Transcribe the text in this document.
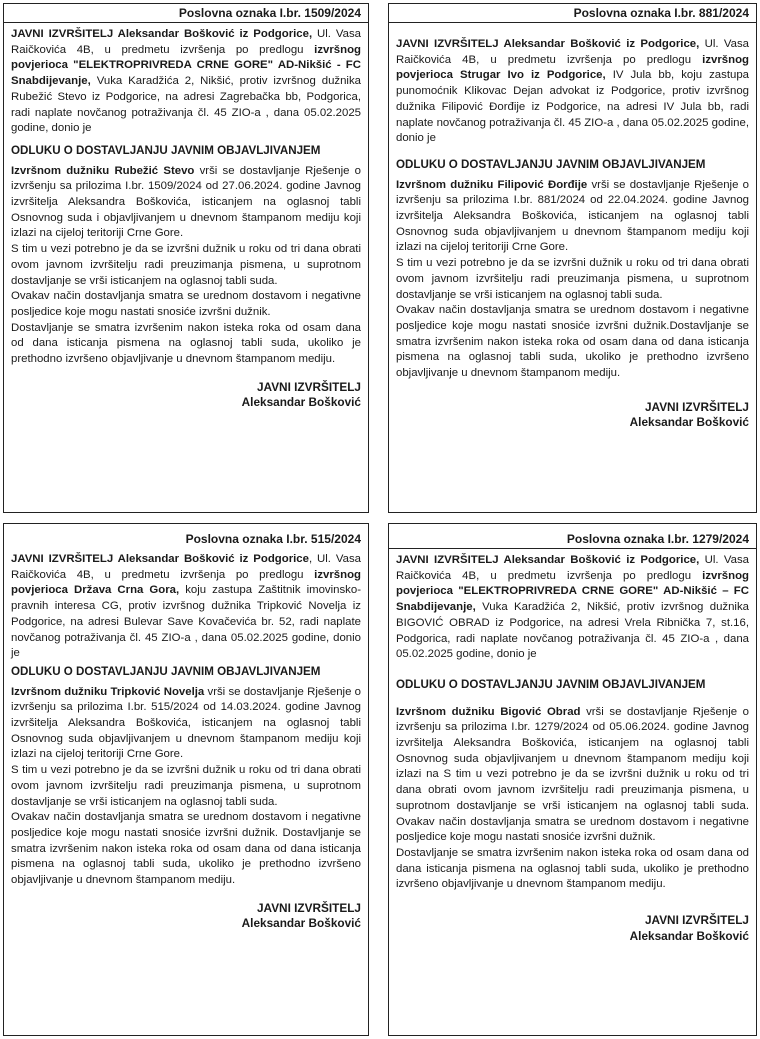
Poslovna oznaka I.br. 1509/2024

JAVNI IZVRŠITELJ Aleksandar Bošković iz Podgorice, Ul. Vasa Raičkovića 4B, u predmetu izvršenja po predlogu izvršnog povjerioca "ELEKTROPRIVREDA CRNE GORE" AD-Nikšić - FC Snabdijevanje, Vuka Karadžića 2, Nikšić, protiv izvršnog dužnika Rubežić Stevo iz Podgorice, na adresi Zagrebačka bb, Podgorica, radi naplate novčanog potraživanja čl. 45 ZIO-a , dana 05.02.2025 godine, donio je

ODLUKU O DOSTAVLJANJU JAVNIM OBJAVLJIVANJEM

Izvršnom dužniku Rubežić Stevo vrši se dostavljanje Rješenje o izvršenju sa prilozima I.br. 1509/2024 od 27.06.2024. godine Javnog izvršitelja Aleksandra Boškovića, isticanjem na oglasnoj tabli Osnovnog suda i objavljivanjem u dnevnom štampanom mediju koji izlazi na cijeloj teritoriji Crne Gore.

S tim u vezi potrebno je da se izvršni dužnik u roku od tri dana obrati ovom javnom izvršitelju radi preuzimanja pismena, u suprotnom dostavljanje se vrši isticanjem na oglasnoj tabli suda.

Ovakav način dostavljanja smatra se urednom dostavom i negativne posljedice koje mogu nastati snosiće izvršni dužnik.

Dostavljanje se smatra izvršenim nakon isteka roka od osam dana od dana isticanja pismena na oglasnoj tabli suda, ukoliko je prethodno izvršeno objavljivanje u dnevnom štampanom mediju.

JAVNI IZVRŠITELJ
Aleksandar Bošković
Poslovna oznaka I.br. 881/2024

JAVNI IZVRŠITELJ Aleksandar Bošković iz Podgorice, Ul. Vasa Raičkovića 4B, u predmetu izvršenja po predlogu izvršnog povjerioca Strugar Ivo iz Podgorice, IV Jula bb, koju zastupa punomoćnik Klikovac Dejan advokat iz Podgorice, protiv izvršnog dužnika Filipović Đorđije iz Podgorice, na adresi IV Jula bb, radi naplate novčanog potraživanja čl. 45 ZIO-a , dana 05.02.2025 godine, donio je

ODLUKU O DOSTAVLJANJU JAVNIM OBJAVLJIVANJEM

Izvršnom dužniku Filipović Đorđije vrši se dostavljanje Rješenje o izvršenju sa prilozima I.br. 881/2024 od 22.04.2024. godine Javnog izvršitelja Aleksandra Boškovića, isticanjem na oglasnoj tabli Osnovnog suda objavljivanjem u dnevnom štampanom mediju koji izlazi na cijeloj teritoriji Crne Gore.

S tim u vezi potrebno je da se izvršni dužnik u roku od tri dana obrati ovom javnom izvršitelju radi preuzimanja pismena, u suprotnom dostavljanje se vrši isticanjem na oglasnoj tabli suda.

Ovakav način dostavljanja smatra se urednom dostavom i negativne posljedice koje mogu nastati snosiće izvršni dužnik.Dostavljanje se smatra izvršenim nakon isteka roka od osam dana od dana isticanja pismena na oglasnoj tabli suda, ukoliko je prethodno izvršeno objavljivanje u dnevnom štampanom mediju.

JAVNI IZVRŠITELJ
Aleksandar Bošković
Poslovna oznaka I.br. 515/2024

JAVNI IZVRŠITELJ Aleksandar Bošković iz Podgorice, Ul. Vasa Raičkovića 4B, u predmetu izvršenja po predlogu izvršnog povjerioca Država Crna Gora, koju zastupa Zaštitnik imovinsko-pravnih interesa CG, protiv izvršnog dužnika Tripković Novelja iz Podgorice, na adresi Bulevar Save Kovačevića br. 52, radi naplate novčanog potraživanja čl. 45 ZIO-a , dana 05.02.2025 godine, donio je

ODLUKU O DOSTAVLJANJU JAVNIM OBJAVLJIVANJEM

Izvršnom dužniku Tripković Novelja vrši se dostavljanje Rješenje o izvršenju sa prilozima I.br. 515/2024 od 14.03.2024. godine Javnog izvršitelja Aleksandra Boškovića, isticanjem na oglasnoj tabli Osnovnog suda objavljivanjem u dnevnom štampanom mediju koji izlazi na cijeloj teritoriji Crne Gore.

S tim u vezi potrebno je da se izvršni dužnik u roku od tri dana obrati ovom javnom izvršitelju radi preuzimanja pismena, u suprotnom dostavljanje se vrši isticanjem na oglasnoj tabli suda.

Ovakav način dostavljanja smatra se urednom dostavom i negativne posljedice koje mogu nastati snosiće izvršni dužnik. Dostavljanje se smatra izvršenim nakon isteka roka od osam dana od dana isticanja pismena na oglasnoj tabli suda, ukoliko je prethodno izvršeno objavljivanje u dnevnom štampanom mediju.

JAVNI IZVRŠITELJ
Aleksandar Bošković
Poslovna oznaka I.br. 1279/2024

JAVNI IZVRŠITELJ Aleksandar Bošković iz Podgorice, Ul. Vasa Raičkovića 4B, u predmetu izvršenja po predlogu izvršnog povjerioca "ELEKTROPRIVREDA CRNE GORE" AD-Nikšić – FC Snabdijevanje, Vuka Karadžića 2, Nikšić, protiv izvršnog dužnika BIGOVIĆ OBRAD iz Podgorice, na adresi Vrela Ribnička 7, st.16, Podgorica, radi naplate novčanog potraživanja čl. 45 ZIO-a , dana 05.02.2025 godine, donio je

ODLUKU O DOSTAVLJANJU JAVNIM OBJAVLJIVANJEM

Izvršnom dužniku Bigović Obrad vrši se dostavljanje Rješenje o izvršenju sa prilozima I.br. 1279/2024 od 05.06.2024. godine Javnog izvršitelja Aleksandra Boškovića, isticanjem na oglasnoj tabli Osnovnog suda objavljivanjem u dnevnom štampanom mediju koji izlazi na S tim u vezi potrebno je da se izvršni dužnik u roku od tri dana obrati ovom javnom izvršitelju radi preuzimanja pismena, u suprotnom dostavljanje se vrši isticanjem na oglasnoj tabli suda. Ovakav način dostavljanja smatra se urednom dostavom i negativne posljedice koje mogu nastati snosiće izvršni dužnik.

Dostavljanje se smatra izvršenim nakon isteka roka od osam dana od dana isticanja pismena na oglasnoj tabli suda, ukoliko je prethodno izvršeno objavljivanje u dnevnom štampanom mediju.

JAVNI IZVRŠITELJ
Aleksandar Bošković
